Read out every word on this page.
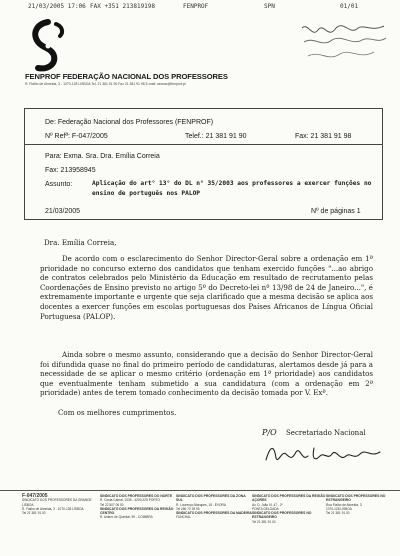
21/03/2005 17:06 FAX +351 213819198	FENPROF	SPN	01/01
FENPROF FEDERAÇÃO NACIONAL DOS PROFESSORES
R. Fialho de Almeida, 3 - 1070-128 LISBOA Tel. 21 381 91 90 Fax 21 381 91 98 E-mail: secnac@fenprof.pt
De: Federação Nacional dos Professores (FENPROF)
Nº Refª: F-047/2005	Telef.: 21 381 91 90	Fax: 21 381 91 98
Para: Exma. Sra. Dra. Emília Correia
Fax: 213958945
Assunto:	Aplicação do art° 13° do DL n° 35/2003 aos professores a exercer funções no ensino de português nos PALOP
21/03/2005	Nº de páginas 1
Dra. Emília Correia,
De acordo com o esclarecimento do Senhor Director-Geral sobre a ordenação em 1ª prioridade no concurso externo dos candidatos que tenham exercido funções "...ao abrigo de contratos celebrados pelo Ministério da Educação em resultado de recrutamento pelas Coordenações de Ensino previsto no artigo 5º do Decreto-lei nº 13/98 de 24 de Janeiro...", é extremamente importante e urgente que seja clarificado que a mesma decisão se aplica aos docentes a exercer funções em escolas portuguesas dos Países Africanos de Língua Oficial Portuguesa (PALOP).
Ainda sobre o mesmo assunto, considerando que a decisão do Senhor Director-Geral foi difundida quase no final do primeiro período de candidaturas, alertamos desde já para a necessidade de se aplicar o mesmo critério (ordenação em 1ª prioridade) aos candidatos que eventualmente tenham submetido a sua candidatura (com a ordenação em 2ª prioridade) antes de terem tomado conhecimento da decisão tomada por V. Exª.
Com os melhores cumprimentos.
P/O Secretariado Nacional
F-047/2005
SINDICATO DOS PROFESSORES DA GRANDE LISBOA
R. Fialho de Almeida, 3 - 1070-128 LISBOA
Tel 21 381 91 00
SINDICATO DOS PROFESSORES DO NORTE
R. Costa Cabral, 1035 - 4200-225 PORTO
Tel 22 507 06 00
SINDICATO DOS PROFESSORES DA REGIÃO CENTRO
R. Antero de Quental, 99 - COIMBRA
SINDICATO DOS PROFESSORES DA ZONA SUL
R. Lourenço Marques, 18 - ÉVORA
Tel 266 70 39 95
SINDICATO DOS PROFESSORES DA MADEIRA
FUNCHAL
SINDICATO DOS PROFESSORES DA REGIÃO AÇORES
Av. D. João III, 47 - 2º
PONTA DELGADA
SINDICATO DOS PROFESSORES NO ESTRANGEIRO
Tel 21 381 91 00
SINDICATO DOS PROFESSORES NO ESTRANGEIRO
Rua Fialho de Almeida, 3
1070-128 LISBOA
Tel 21 381 91 00
